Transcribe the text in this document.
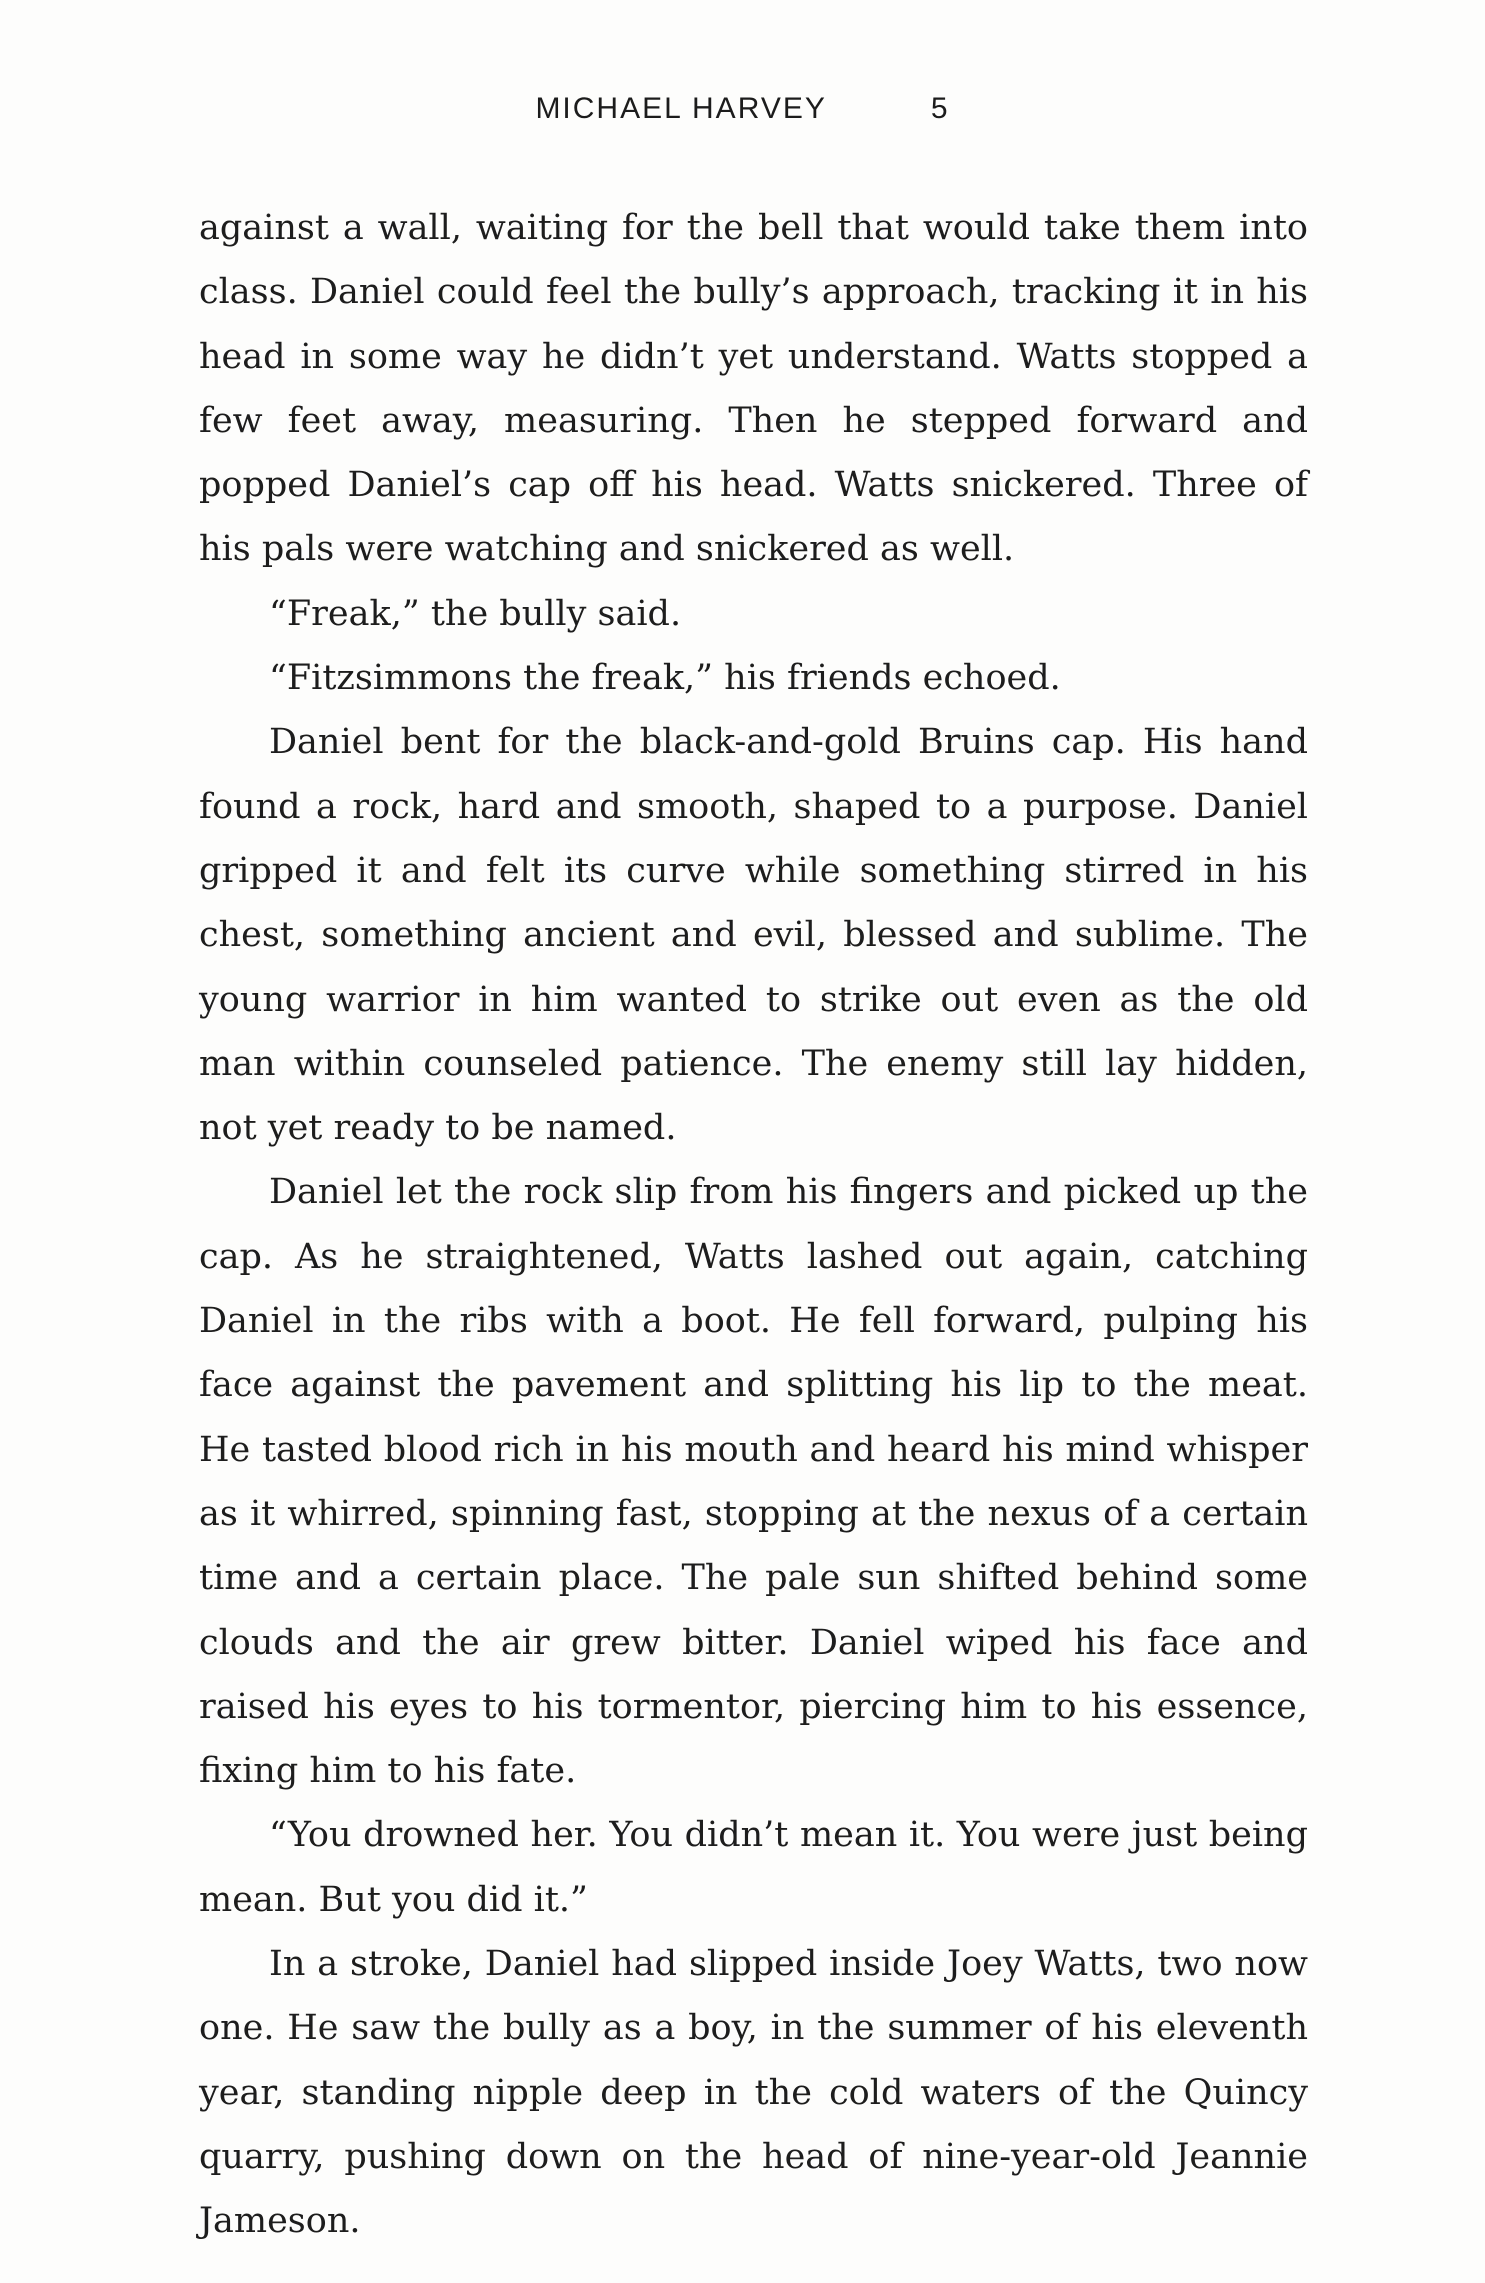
MICHAEL HARVEY	5

against a wall, waiting for the bell that would take them into class. Daniel could feel the bully’s approach, tracking it in his head in some way he didn’t yet understand. Watts stopped a few feet away, measuring. Then he stepped forward and popped Daniel’s cap off his head. Watts snickered. Three of his pals were watching and snickered as well.

“Freak,” the bully said.

“Fitzsimmons the freak,” his friends echoed.

Daniel bent for the black-and-gold Bruins cap. His hand found a rock, hard and smooth, shaped to a purpose. Daniel gripped it and felt its curve while something stirred in his chest, something ancient and evil, blessed and sublime. The young warrior in him wanted to strike out even as the old man within counseled patience. The enemy still lay hidden, not yet ready to be named.

Daniel let the rock slip from his fingers and picked up the cap. As he straightened, Watts lashed out again, catching Daniel in the ribs with a boot. He fell forward, pulping his face against the pavement and splitting his lip to the meat. He tasted blood rich in his mouth and heard his mind whisper as it whirred, spinning fast, stopping at the nexus of a certain time and a certain place. The pale sun shifted behind some clouds and the air grew bitter. Daniel wiped his face and raised his eyes to his tormentor, piercing him to his essence, fixing him to his fate.

“You drowned her. You didn’t mean it. You were just being mean. But you did it.”

In a stroke, Daniel had slipped inside Joey Watts, two now one. He saw the bully as a boy, in the summer of his eleventh year, standing nipple deep in the cold waters of the Quincy quarry, pushing down on the head of nine-year-old Jeannie Jameson.
